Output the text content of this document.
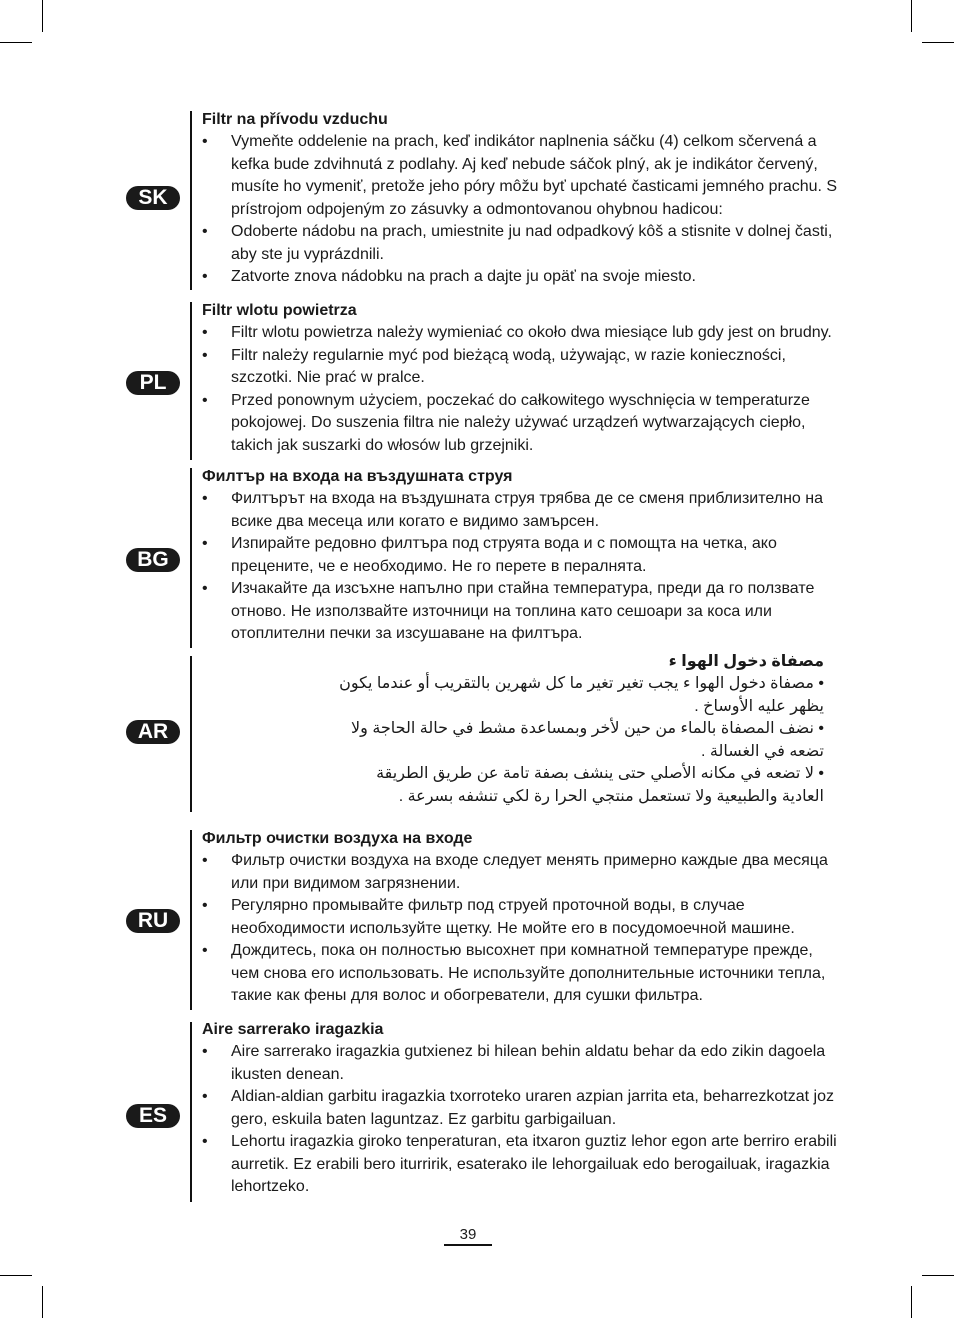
SK

Filtr na přívodu vzduchu

• Vymeňte oddelenie na prach, keď indikátor naplnenia sáčku (4) celkom sčervená a kefka bude zdvihnutá z podlahy. Aj keď nebude sáčok plný, ak je indikátor červený, musíte ho vymeniť, pretože jeho póry môžu byť upchaté časticami jemného prachu. S prístrojom odpojeným zo zásuvky a odmontovanou ohybnou hadicou:
• Odoberte nádobu na prach, umiestnite ju nad odpadkový kôš a stisnite v dolnej časti, aby ste ju vyprázdnili.
• Zatvorte znova nádobku na prach a dajte ju opäť na svoje miesto.
PL

Filtr wlotu powietrza

• Filtr wlotu powietrza należy wymieniać co około dwa miesiące lub gdy jest on brudny.
• Filtr należy regularnie myć pod bieżącą wodą, używając, w razie konieczności, szczotki. Nie prać w pralce.
• Przed ponownym użyciem, poczekać do całkowitego wyschnięcia w temperaturze pokojowej. Do suszenia filtra nie należy używać urządzeń wytwarzających ciepło, takich jak suszarki do włosów lub grzejniki.
BG

Филтър на входа на въздушната струя

• Филтърът на входа на въздушната струя трябва де се сменя приблизително на всике два месеца или когато е видимо замърсен.
• Изпирайте редовно филтъра под струята вода и с помощта на четка, ако прецените, че е необходимо. Не го перете в пералнята.
• Изчакайте да изсъхне напълно при стайна температура, преди да го ползвате отново. Не използвайте източници на топлина като сешоари за коса или отоплителни печки за изсушаване на филтъра.
AR

مصفاة دخول الهوا ء

• مصفاة دخول الهوا ء يجب تغير تغير ما كل شهرين بالتقريب أو عندما يكون يظهر عليه الأوساخ .
• نضف المصفاة بالماء من حين لأخر وبمساعدة مشط في حالة الحاجة ولا تضعه في الغسالة .
• لا تضعه في مكانه الأصلي حتى ينشف بصفة تامة عن طريق الطريقة العادية والطبيعية ولا تستعمل منتجي الحرا رة لكي تنشفه بسرعة .
RU

Фильтр очистки воздуха на входе

• Фильтр очистки воздуха на входе следует менять примерно каждые два месяца или при видимом загрязнении.
• Регулярно промывайте фильтр под струей проточной воды, в случае необходимости используйте щетку. Не мойте его в посудомоечной машине.
• Дождитесь, пока он полностью высохнет при комнатной температуре прежде, чем снова его использовать. Не используйте дополнительные источники тепла, такие как фены для волос и обогреватели, для сушки фильтра.
ES

Aire sarrerako iragazkia

• Aire sarrerako iragazkia gutxienez bi hilean behin aldatu behar da edo zikin dagoela ikusten denean.
• Aldian-aldian garbitu iragazkia txorroteko uraren azpian jarrita eta, beharrezkotzat joz gero, eskuila baten laguntzaz. Ez garbitu garbigailuan.
• Lehortu iragazkia giroko tenperaturan, eta itxaron guztiz lehor egon arte berriro erabili aurretik. Ez erabili bero iturririk, esaterako ile lehorgailuak edo berogailuak, iragazkia lehortzeko.
39
